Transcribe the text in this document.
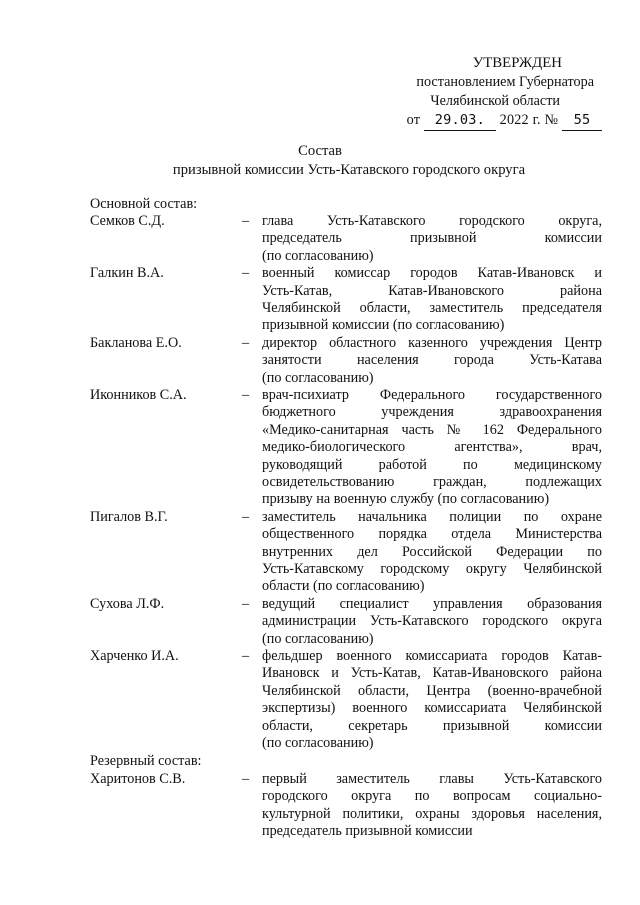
УТВЕРЖДЕН
постановлением Губернатора
Челябинской области
от 29.03. 2022 г. № 55
Состав
призывной комиссии Усть-Катавского городского округа
Основной состав:
Семков С.Д.	– глава Усть-Катавского городского округа,
председатель призывной комиссии
(по согласованию)
Галкин В.А.	– военный комиссар городов Катав-Ивановск и
Усть-Катав, Катав-Ивановского района
Челябинской области, заместитель председателя
призывной комиссии (по согласованию)
Бакланова Е.О.	– директор областного казенного учреждения Центр
занятости населения города Усть-Катава
(по согласованию)
Иконников С.А.	– врач-психиатр Федерального государственного
бюджетного учреждения здравоохранения
«Медико-санитарная часть № 162 Федерального
медико-биологического агентства», врач,
руководящий работой по медицинскому
освидетельствованию граждан, подлежащих
призыву на военную службу (по согласованию)
Пигалов В.Г.	– заместитель начальника полиции по охране
общественного порядка отдела Министерства
внутренних дел Российской Федерации по
Усть-Катавскому городскому округу Челябинской
области (по согласованию)
Сухова Л.Ф.	– ведущий специалист управления образования
администрации Усть-Катавского городского округа
(по согласованию)
Харченко И.А.	– фельдшер военного комиссариата городов Катав-
Ивановск и Усть-Катав, Катав-Ивановского района
Челябинской области, Центра (военно-врачебной
экспертизы) военного комиссариата Челябинской
области, секретарь призывной комиссии
(по согласованию)
Резервный состав:
Харитонов С.В.	– первый заместитель главы Усть-Катавского
городского округа по вопросам социально-
культурной политики, охраны здоровья населения,
председатель призывной комиссии
